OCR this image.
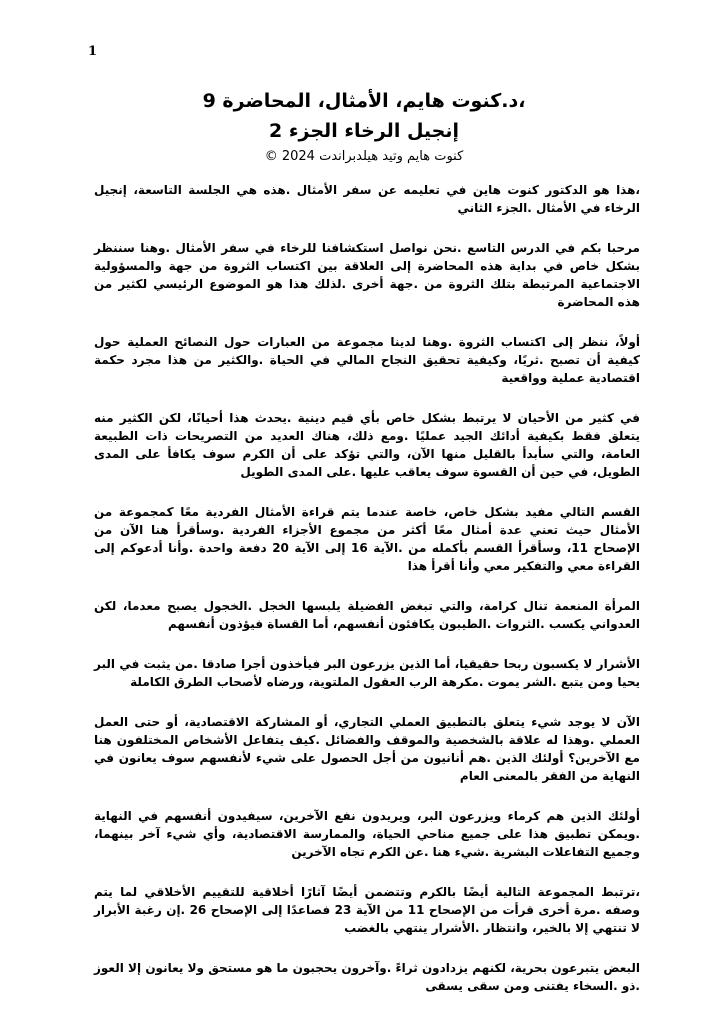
1
،د.كنوت هايم، الأمثال، المحاضرة 9
إنجيل الرخاء الجزء 2
كنوت هايم وتيد هيلدبراندت 2024 ©

،هذا هو الدكتور كنوت هاين في تعليمه عن سفر الأمثال .هذه هي الجلسة التاسعة، إنجيل الرخاء في الأمثال .الجزء الثاني

مرحبا بكم في الدرس التاسع .نحن نواصل استكشافنا للرخاء في سفر الأمثال .وهنا سننظر بشكل خاص في بداية هذه المحاضرة إلى العلاقة بين اكتساب الثروة من جهة والمسؤولية الاجتماعية المرتبطة بتلك الثروة من .جهة أخرى .لذلك هذا هو الموضوع الرئيسي لكثير من هذه المحاضرة

أولاً، ننظر إلى اكتساب الثروة .وهنا لدينا مجموعة من العبارات حول النصائح العملية حول كيفية أن تصبح .ثريًا، وكيفية تحقيق النجاح المالي في الحياة .والكثير من هذا مجرد حكمة اقتصادية عملية وواقعية

في كثير من الأحيان لا يرتبط بشكل خاص بأي قيم دينية .يحدث هذا أحيانًا، لكن الكثير منه يتعلق فقط بكيفية أدائك الجيد عمليًا .ومع ذلك، هناك العديد من التصريحات ذات الطبيعة العامة، والتي سأبدأ بالقليل منها الآن، والتي تؤكد على أن الكرم سوف يكافأ على المدى الطويل، في حين أن القسوة سوف يعاقب عليها .على المدى الطويل

القسم التالي مفيد بشكل خاص، خاصة عندما يتم قراءة الأمثال الفردية معًا كمجموعة من الأمثال حيث تعني عدة أمثال معًا أكثر من مجموع الأجزاء الفردية .وسأقرأ هنا الآن من الإصحاح 11، وسأقرأ القسم بأكمله من .الآية 16 إلى الآية 20 دفعة واحدة .وأنا أدعوكم إلى القراءة معي والتفكير معي وأنا أقرأ هذا

المرأة المنعمة تنال كرامة، والتي تبغض الفضيلة يلبسها الخجل .الخجول يصبح معدما، لكن العدواني يكسب .الثروات .الطيبون يكافئون أنفسهم، أما القساة فيؤذون أنفسهم

الأشرار لا يكسبون ربحا حقيقيا، أما الذين يزرعون البر فيأخذون أجرا صادقا .من يثبت في البر يحيا ومن يتبع .الشر يموت .مكرهة الرب العقول الملتوية، ورضاه لأصحاب الطرق الكاملة

الآن لا يوجد شيء يتعلق بالتطبيق العملي التجاري، أو المشاركة الاقتصادية، أو حتى العمل العملي .وهذا له علاقة بالشخصية والموقف والفضائل .كيف يتفاعل الأشخاص المختلفون هنا مع الآخرين؟ أولئك الذين .هم أنانيون من أجل الحصول على شيء لأنفسهم سوف يعانون في النهاية من الفقر بالمعنى العام

أولئك الذين هم كرماء ويزرعون البر، ويريدون نفع الآخرين، سيفيدون أنفسهم في النهاية .ويمكن تطبيق هذا على جميع مناحي الحياة، والممارسة الاقتصادية، وأي شيء آخر بينهما، وجميع التفاعلات البشرية .شيء هنا .عن الكرم تجاه الآخرين

،ترتبط المجموعة التالية أيضًا بالكرم وتتضمن أيضًا آثارًا أخلاقية للتقييم الأخلاقي لما يتم وصفه .مرة أخرى قرأت من الإصحاح 11 من الآية 23 فصاعدًا إلى الإصحاح 26 .إن رغبة الأبرار لا تنتهي إلا بالخير، وانتظار .الأشرار ينتهي بالغضب

البعض يتبرعون بحرية، لكنهم يزدادون ثراءً .وآخرون يحجبون ما هو مستحق ولا يعانون إلا العوز .ذو .السخاء يفتنى ومن سقى يسقى
